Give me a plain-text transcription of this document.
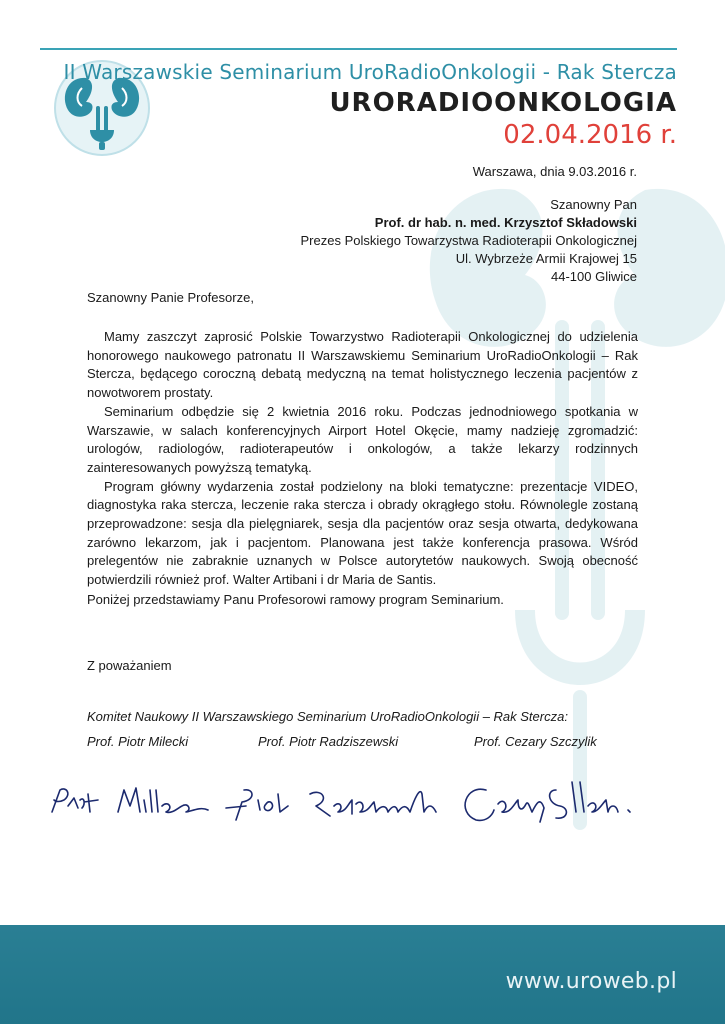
II Warszawskie Seminarium UroRadioOnkologii - Rak Stercza
URORADIOONKOLOGIA
02.04.2016 r.
Warszawa, dnia 9.03.2016 r.
Szanowny Pan
Prof. dr hab. n. med. Krzysztof Składowski
Prezes Polskiego Towarzystwa Radioterapii Onkologicznej
Ul. Wybrzeże Armii Krajowej 15
44-100 Gliwice
Szanowny Panie Profesorze,

Mamy zaszczyt zaprosić Polskie Towarzystwo Radioterapii Onkologicznej do udzielenia honorowego naukowego patronatu II Warszawskiemu Seminarium UroRadioOnkologii – Rak Stercza, będącego coroczną debatą medyczną na temat holistycznego leczenia pacjentów z nowotworem prostaty.

Seminarium odbędzie się 2 kwietnia 2016 roku. Podczas jednodniowego spotkania w Warszawie, w salach konferencyjnych Airport Hotel Okęcie, mamy nadzieję zgromadzić: urologów, radiologów, radioterapeutów i onkologów, a także lekarzy rodzinnych zainteresowanych powyższą tematyką.

Program główny wydarzenia został podzielony na bloki tematyczne: prezentacje VIDEO, diagnostyka raka stercza, leczenie raka stercza i obrady okrągłego stołu. Równolegle zostaną przeprowadzone: sesja dla pielęgniarek, sesja dla pacjentów oraz sesja otwarta, dedykowana zarówno lekarzom, jak i pacjentom. Planowana jest także konferencja prasowa. Wśród prelegentów nie zabraknie uznanych w Polsce autorytetów naukowych. Swoją obecność potwierdzili również prof. Walter Artibani i dr Maria de Santis.

Poniżej przedstawiamy Panu Profesorowi ramowy program Seminarium.
Z poważaniem
Komitet Naukowy II Warszawskiego Seminarium UroRadioOnkologii – Rak Stercza:
Prof. Piotr Milecki	Prof. Piotr Radziszewski	Prof. Cezary Szczylik
www.uroweb.pl
